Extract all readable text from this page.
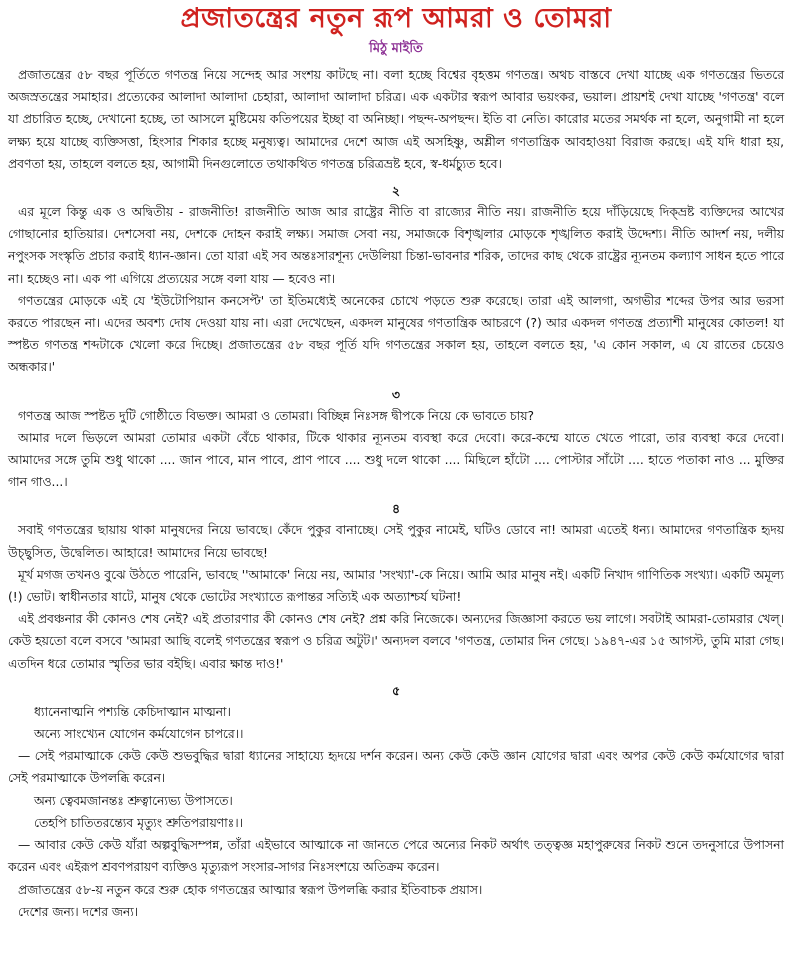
প্রজাতন্ত্রের নতুন রূপ আমরা ও তোমরা
মিঠু মাইতি

প্রজাতন্ত্রের ৫৮ বছর পূর্তিতে গণতন্ত্র নিয়ে সন্দেহ আর সংশয় কাটছে না। বলা হচ্ছে বিশ্বের বৃহত্তম গণতন্ত্র। অথচ বাস্তবে দেখা যাচ্ছে এক গণতন্ত্রের ভিতরে অজস্রতন্ত্রের সমাহার। প্রত্যেকের আলাদা আলাদা চেহারা, আলাদা আলাদা চরিত্র। এক একটার স্বরূপ আবার ভয়ংকর, ভয়াল। প্রায়শই দেখা যাচ্ছে 'গণতন্ত্র' বলে যা প্রচারিত হচ্ছে, দেখানো হচ্ছে, তা আসলে মুষ্টিমেয় কতিপয়ের ইচ্ছা বা অনিচ্ছা। পছন্দ-অপছন্দ। ইতি বা নেতি। কারোর মতের সমর্থক না হলে, অনুগামী না হলে লক্ষ্য হয়ে যাচ্ছে ব্যক্তিসত্তা, হিংসার শিকার হচ্ছে মনুষ্যত্ব। আমাদের দেশে আজ এই অসহিষ্ণু, অশ্লীল গণতান্ত্রিক আবহাওয়া বিরাজ করছে। এই যদি ধারা হয়, প্রবণতা হয়, তাহলে বলতে হয়, আগামী দিনগুলোতে তথাকথিত গণতন্ত্র চরিত্রভ্রষ্ট হবে, স্ব-ধর্মচ্যুত হবে।

২

এর মূলে কিন্তু এক ও অদ্বিতীয় - রাজনীতি! রাজনীতি আজ আর রাষ্ট্রের নীতি বা রাজ্যের নীতি নয়। রাজনীতি হয়ে দাঁড়িয়েছে দিক্‌ভ্রষ্ট ব্যক্তিদের আখের গোছানোর হাতিয়ার। দেশসেবা নয়, দেশকে দোহন করাই লক্ষ্য। সমাজ সেবা নয়, সমাজকে বিশৃঙ্খলার মোড়কে শৃঙ্খলিত করাই উদ্দেশ্য। নীতি আদর্শ নয়, দলীয় নপুংসক সংস্কৃতি প্রচার করাই ধ্যান-জ্ঞান। তো যারা এই সব অন্তঃসারশূন্য দেউলিয়া চিন্তা-ভাবনার শরিক, তাদের কাছ থেকে রাষ্ট্রের ন্যূনতম কল্যাণ সাধন হতে পারে না। হচ্ছেও না। এক পা এগিয়ে প্রত্যয়ের সঙ্গে বলা যায় — হবেও না।

গণতন্ত্রের মোড়কে এই যে 'ইউটোপিয়ান কনসেপ্ট' তা ইতিমধ্যেই অনেকের চোখে পড়তে শুরু করেছে। তারা এই আলগা, অগভীর শব্দের উপর আর ভরসা করতে পারছেন না। এদের অবশ্য দোষ দেওয়া যায় না। এরা দেখেছেন, একদল মানুষের গণতান্ত্রিক আচরণে (?) আর একদল গণতন্ত্র প্রত্যাশী মানুষের কোতল! যা স্পষ্টত গণতন্ত্র শব্দটাকে খেলো করে দিচ্ছে। প্রজাতন্ত্রের ৫৮ বছর পূর্তি যদি গণতন্ত্রের সকাল হয়, তাহলে বলতে হয়, 'এ কোন সকাল, এ যে রাতের চেয়েও অন্ধকার।'

৩

গণতন্ত্র আজ স্পষ্টত দুটি গোষ্ঠীতে বিভক্ত। আমরা ও তোমরা। বিচ্ছিন্ন নিঃসঙ্গ দ্বীপকে নিয়ে কে ভাবতে চায়?

আমার দলে ভিড়লে আমরা তোমার একটা বেঁচে থাকার, টিকে থাকার ন্যূনতম ব্যবস্থা করে দেবো। করে-কম্মে যাতে খেতে পারো, তার ব্যবস্থা করে দেবো। আমাদের সঙ্গে তুমি শুধু থাকো .... জান পাবে, মান পাবে, প্রাণ পাবে .... শুধু দলে থাকো .... মিছিলে হাঁটো .... পোস্টার সাঁটো .... হাতে পতাকা নাও ... মুক্তির গান গাও...।

৪

সবাই গণতন্ত্রের ছায়ায় থাকা মানুষদের নিয়ে ভাবছে। কেঁদে পুকুর বানাচ্ছে। সেই পুকুর নামেই, ঘটিও ডোবে না! আমরা এতেই ধন্য। আমাদের গণতান্ত্রিক হৃদয় উচ্ছ্বসিত, উদ্বেলিত। আহারে! আমাদের নিয়ে ভাবছে!

মূর্খ মগজ তখনও বুঝে উঠতে পারেনি, ভাবছে ''আমাকে' নিয়ে নয়, আমার 'সংখ্যা'-কে নিয়ে। আমি আর মানুষ নই। একটি নিখাদ গাণিতিক সংখ্যা। একটি অমূল্য (!) ভোট। স্বাধীনতার ষাটে, মানুষ থেকে ভোটের সংখ্যাতে রূপান্তর সত্যিই এক অত্যাশ্চর্য ঘটনা!

এই প্রবঞ্চনার কী কোনও শেষ নেই? এই প্রতারণার কী কোনও শেষ নেই? প্রশ্ন করি নিজেকে। অন্যদের জিজ্ঞাসা করতে ভয় লাগে। সবটাই আমরা-তোমরার খেল্‌। কেউ হয়তো বলে বসবে 'আমরা আছি বলেই গণতন্ত্রের স্বরূপ ও চরিত্র অটুট।' অন্যদল বলবে 'গণতন্ত্র, তোমার দিন গেছে। ১৯৪৭-এর ১৫ আগস্ট, তুমি মারা গেছ। এতদিন ধরে তোমার স্মৃতির ভার বইছি। এবার ক্ষান্ত দাও!'

৫

ধ্যানেনাত্মনি পশ্যন্তি কেচিদাত্মান মাত্মনা।

অন্যে সাংখ্যেন যোগেন কর্মযোগেন চাপরে।।

— সেই পরমাত্মাকে কেউ কেউ শুভবুদ্ধির দ্বারা ধ্যানের সাহায্যে হৃদয়ে দর্শন করেন। অন্য কেউ কেউ জ্ঞান যোগের দ্বারা এবং অপর কেউ কেউ কর্মযোগের দ্বারা সেই পরমাত্মাকে উপলব্ধি করেন।

অন্য ত্বেবমজানন্তঃ শ্রুত্বান্যেভ্য উপাসতে।

তেহপি চাতিতরন্ত্যেব মৃত্যুং শ্রুতিপরায়ণাঃ।।

— আবার কেউ কেউ যাঁরা অল্পবুদ্ধিসম্পন্ন, তাঁরা এইভাবে আত্মাকে না জানতে পেরে অন্যের নিকট অর্থাৎ তত্ত্বজ্ঞ মহাপুরুষের নিকট শুনে তদনুসারে উপাসনা করেন এবং এইরূপ শ্রবণপরায়ণ ব্যক্তিও মৃত্যুরূপ সংসার-সাগর নিঃসংশয়ে অতিক্রম করেন।

প্রজাতন্ত্রের ৫৮-য় নতুন করে শুরু হোক গণতন্ত্রের আত্মার স্বরূপ উপলব্ধি করার ইতিবাচক প্রয়াস।

দেশের জন্য। দশের জন্য।
